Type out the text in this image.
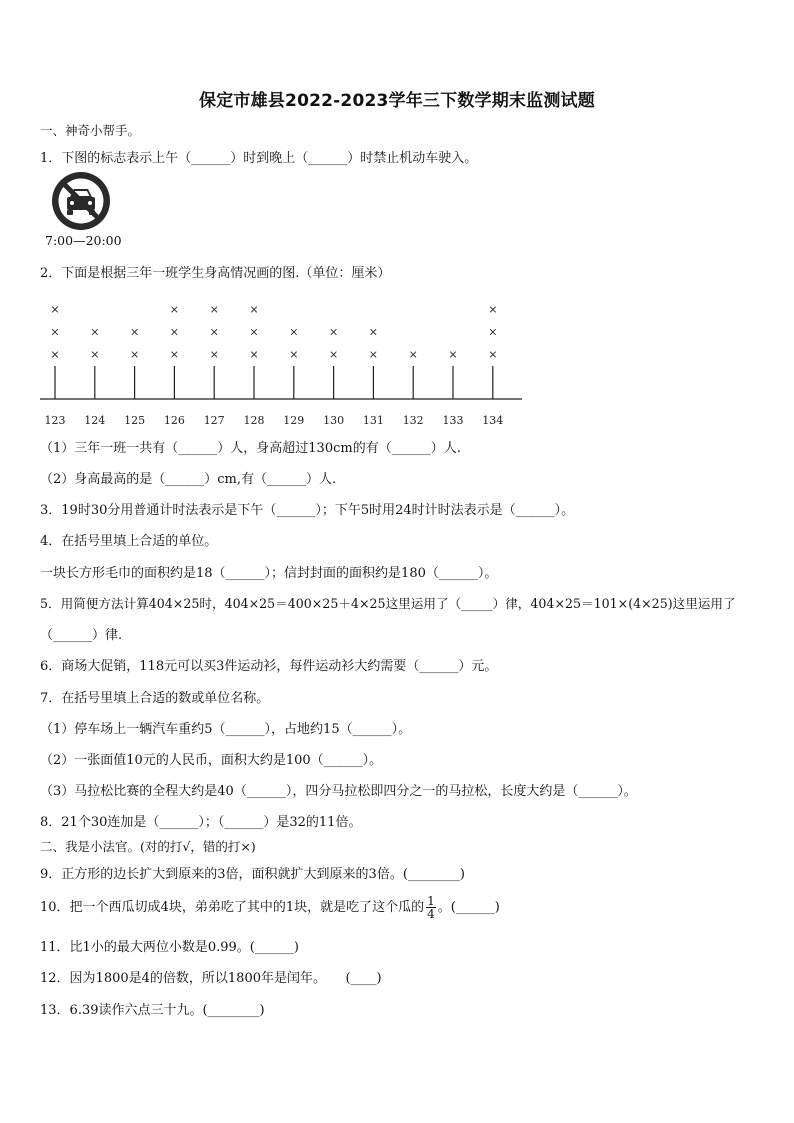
保定市雄县2022-2023学年三下数学期末监测试题
一、神奇小帮手。
1．下图的标志表示上午（______）时到晚上（______）时禁止机动车驶入。
7:00—20:00
2．下面是根据三年一班学生身高情况画的图.（单位：厘米）
×
×
×
×
×
×
×
×
×
×
×
×
×
×
×
×
×
×
×
×
×
×
×	×	×
×
×
123 124 125 126 127 128 129 130 131 132 133 134
（1）三年一班一共有（______）人，身高超过130cm的有（______）人.
（2）身高最高的是（______）cm,有（______）人.
3．19时30分用普通计时法表示是下午（______）；下午5时用24时计时法表示是（______）。
4．在括号里填上合适的单位。
一块长方形毛巾的面积约是18（______）；信封封面的面积约是180（______）。
5．用简便方法计算404×25时，404×25＝400×25＋4×25这里运用了（_____）律，404×25＝101×(4×25)这里运用了
（______）律.
6．商场大促销，118元可以买3件运动衫，每件运动衫大约需要（______）元。
7．在括号里填上合适的数或单位名称。
（1）停车场上一辆汽车重约5（______），占地约15（______）。
（2）一张面值10元的人民币，面积大约是100（______）。
（3）马拉松比赛的全程大约是40（______），四分马拉松即四分之一的马拉松，长度大约是（______）。
8．21个30连加是（______）；（______）是32的11倍。
二、我是小法官。(对的打√，错的打×)
9．正方形的边长扩大到原来的3倍，面积就扩大到原来的3倍。(________)
10．把一个西瓜切成4块，弟弟吃了其中的1块，就是吃了这个瓜的 $\frac{1}{4}$ 。(______)
11．比1小的最大两位小数是0.99。(______)
12．因为1800是4的倍数，所以1800年是闰年。　　(____)
13．6.39读作六点三十九。(________)
